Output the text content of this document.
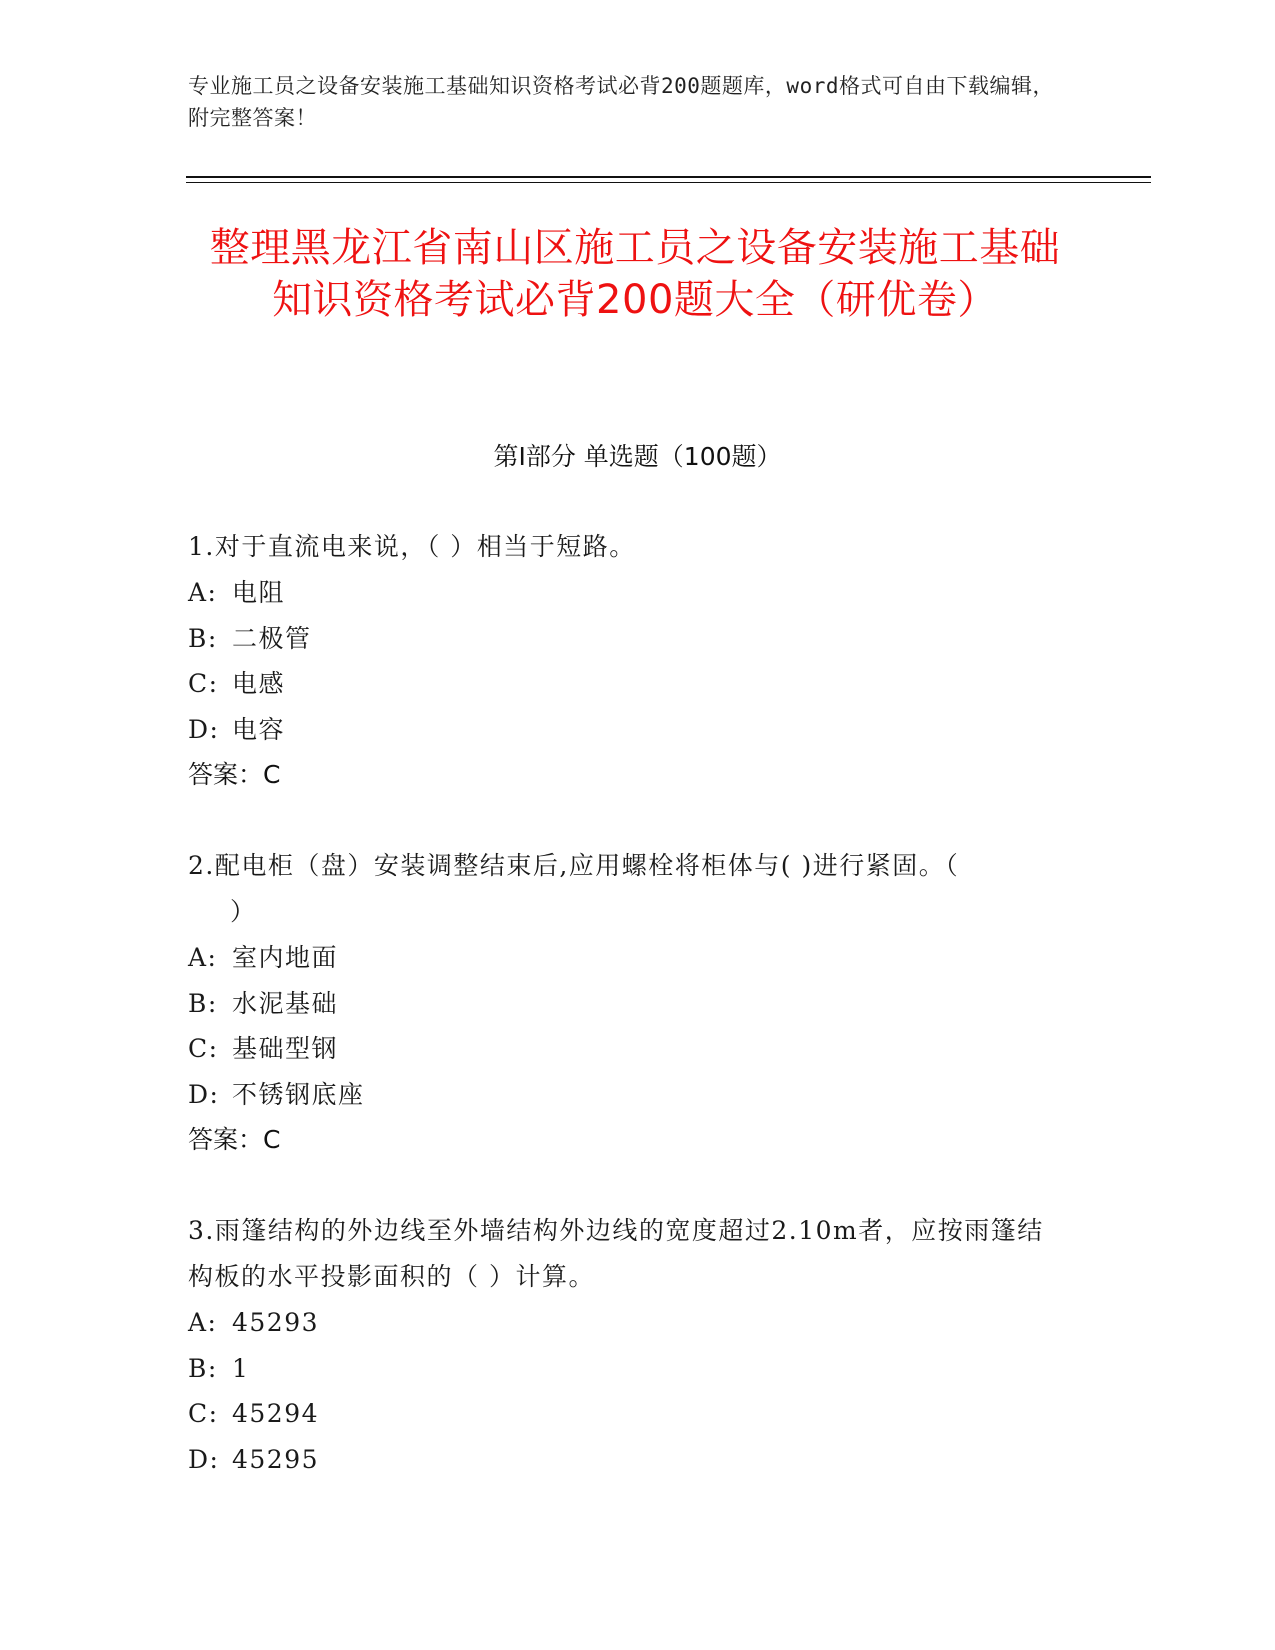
专业施工员之设备安装施工基础知识资格考试必背200题题库，word格式可自由下载编辑，附完整答案！
整理黑龙江省南山区施工员之设备安装施工基础知识资格考试必背200题大全（研优卷）
第Ⅰ部分 单选题（100题）
1.对于直流电来说，（ ）相当于短路。
A: 电阻
B: 二极管
C: 电感
D: 电容
答案：C
2.配电柜（盘）安装调整结束后,应用螺栓将柜体与( )进行紧固。（
）
A: 室内地面
B: 水泥基础
C: 基础型钢
D: 不锈钢底座
答案：C
3.雨篷结构的外边线至外墙结构外边线的宽度超过2.10m者，应按雨篷结构板的水平投影面积的（ ）计算。
A: 45293
B: 1
C: 45294
D: 45295
